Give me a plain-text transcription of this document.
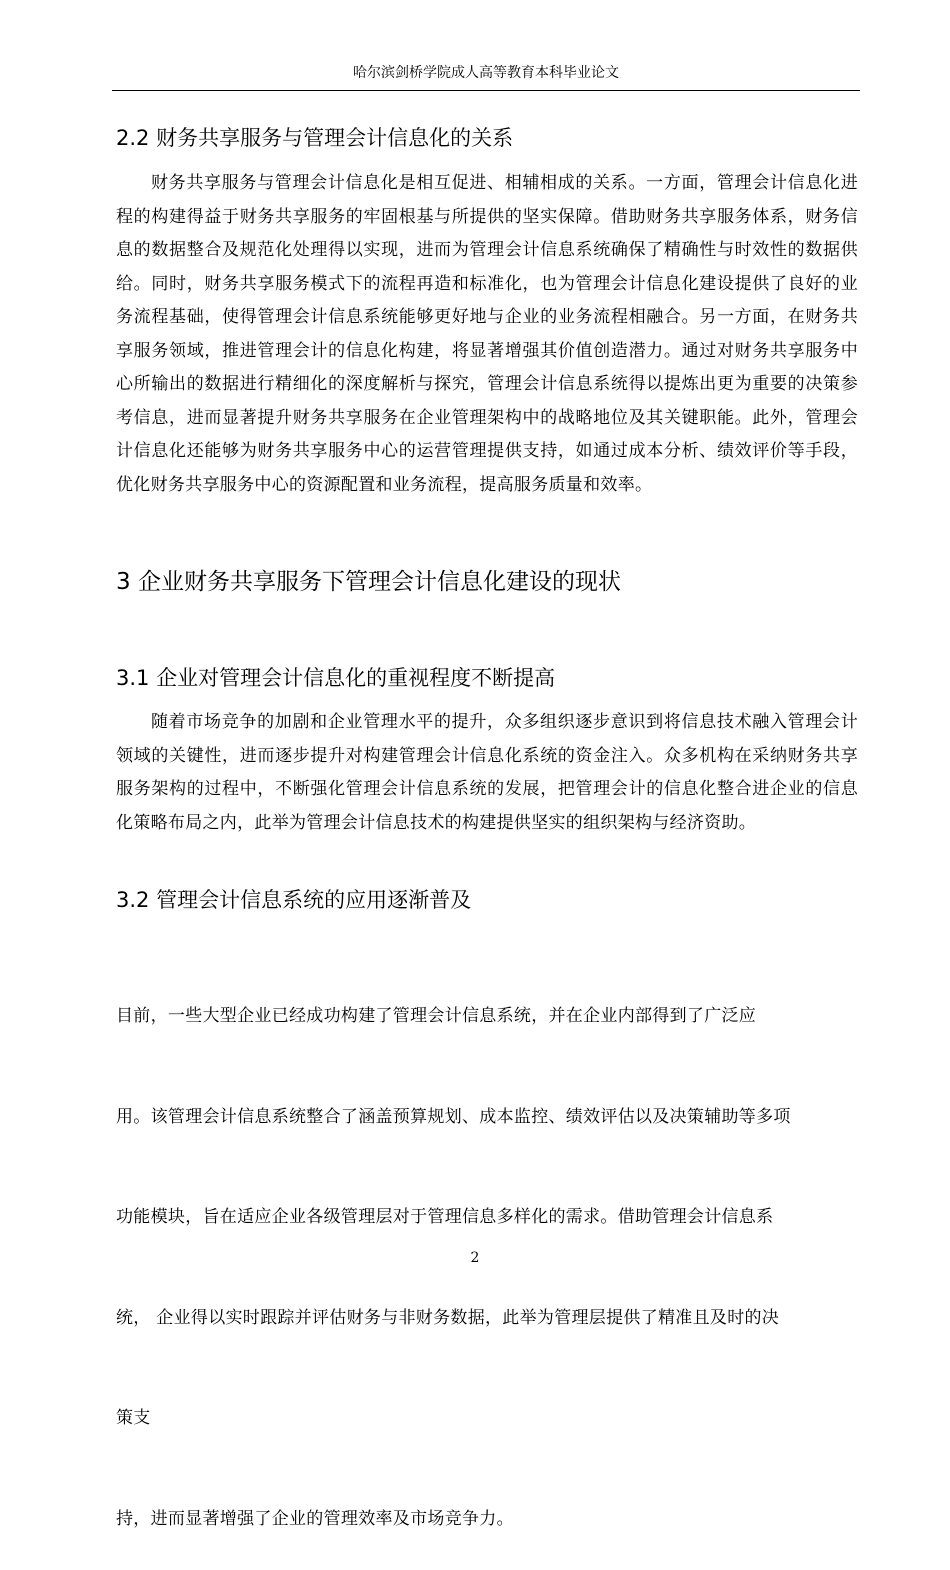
哈尔滨剑桥学院成人高等教育本科毕业论文
2.2 财务共享服务与管理会计信息化的关系

财务共享服务与管理会计信息化是相互促进、相辅相成的关系。一方面，管理会计信息化进程的构建得益于财务共享服务的牢固根基与所提供的坚实保障。借助财务共享服务体系，财务信息的数据整合及规范化处理得以实现，进而为管理会计信息系统确保了精确性与时效性的数据供给。同时，财务共享服务模式下的流程再造和标准化，也为管理会计信息化建设提供了良好的业务流程基础，使得管理会计信息系统能够更好地与企业的业务流程相融合。另一方面，在财务共享服务领域，推进管理会计的信息化构建，将显著增强其价值创造潜力。通过对财务共享服务中心所输出的数据进行精细化的深度解析与探究，管理会计信息系统得以提炼出更为重要的决策参考信息，进而显著提升财务共享服务在企业管理架构中的战略地位及其关键职能。此外，管理会计信息化还能够为财务共享服务中心的运营管理提供支持，如通过成本分析、绩效评价等手段，优化财务共享服务中心的资源配置和业务流程，提高服务质量和效率。

3 企业财务共享服务下管理会计信息化建设的现状
3.1 企业对管理会计信息化的重视程度不断提高

随着市场竞争的加剧和企业管理水平的提升，众多组织逐步意识到将信息技术融入管理会计领域的关键性，进而逐步提升对构建管理会计信息化系统的资金注入。众多机构在采纳财务共享服务架构的过程中，不断强化管理会计信息系统的发展，把管理会计的信息化整合进企业的信息化策略布局之内，此举为管理会计信息技术的构建提供坚实的组织架构与经济资助。

3.2 管理会计信息系统的应用逐渐普及

目前，一些大型企业已经成功构建了管理会计信息系统，并在企业内部得到了广泛应

用。该管理会计信息系统整合了涵盖预算规划、成本监控、绩效评估以及决策辅助等多项

功能模块，旨在适应企业各级管理层对于管理信息多样化的需求。借助管理会计信息系

统， 企业得以实时跟踪并评估财务与非财务数据，此举为管理层提供了精准且及时的决

策支

持，进而显著增强了企业的管理效率及市场竞争力。

2
